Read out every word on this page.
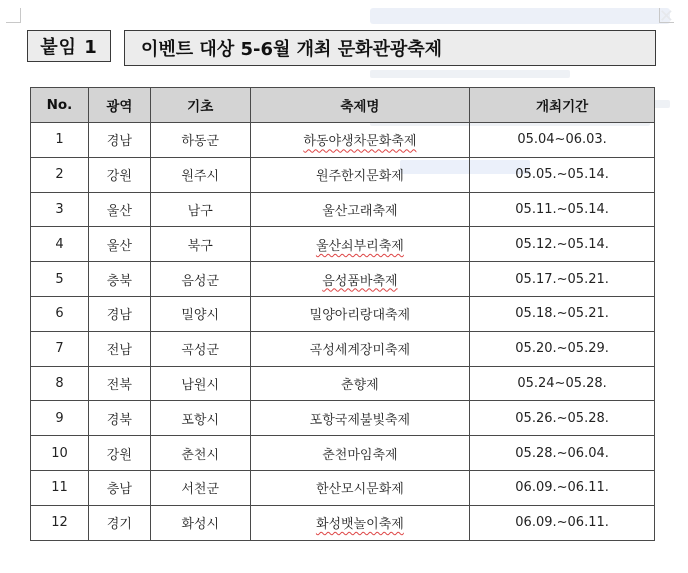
✕
붙임 1	이벤트 대상 5-6월 개최 문화관광축제
No.	광역	기초	축제명	개최기간
1	경남	하동군	하동야생차문화축제	05.04~06.03.
2	강원	원주시	원주한지문화제	05.05.~05.14.
3	울산	남구	울산고래축제	05.11.~05.14.
4	울산	북구	울산쇠부리축제	05.12.~05.14.
5	충북	음성군	음성품바축제	05.17.~05.21.
6	경남	밀양시	밀양아리랑대축제	05.18.~05.21.
7	전남	곡성군	곡성세계장미축제	05.20.~05.29.
8	전북	남원시	춘향제	05.24~05.28.
9	경북	포항시	포항국제불빛축제	05.26.~05.28.
10	강원	춘천시	춘천마임축제	05.28.~06.04.
11	충남	서천군	한산모시문화제	06.09.~06.11.
12	경기	화성시	화성뱃놀이축제	06.09.~06.11.
